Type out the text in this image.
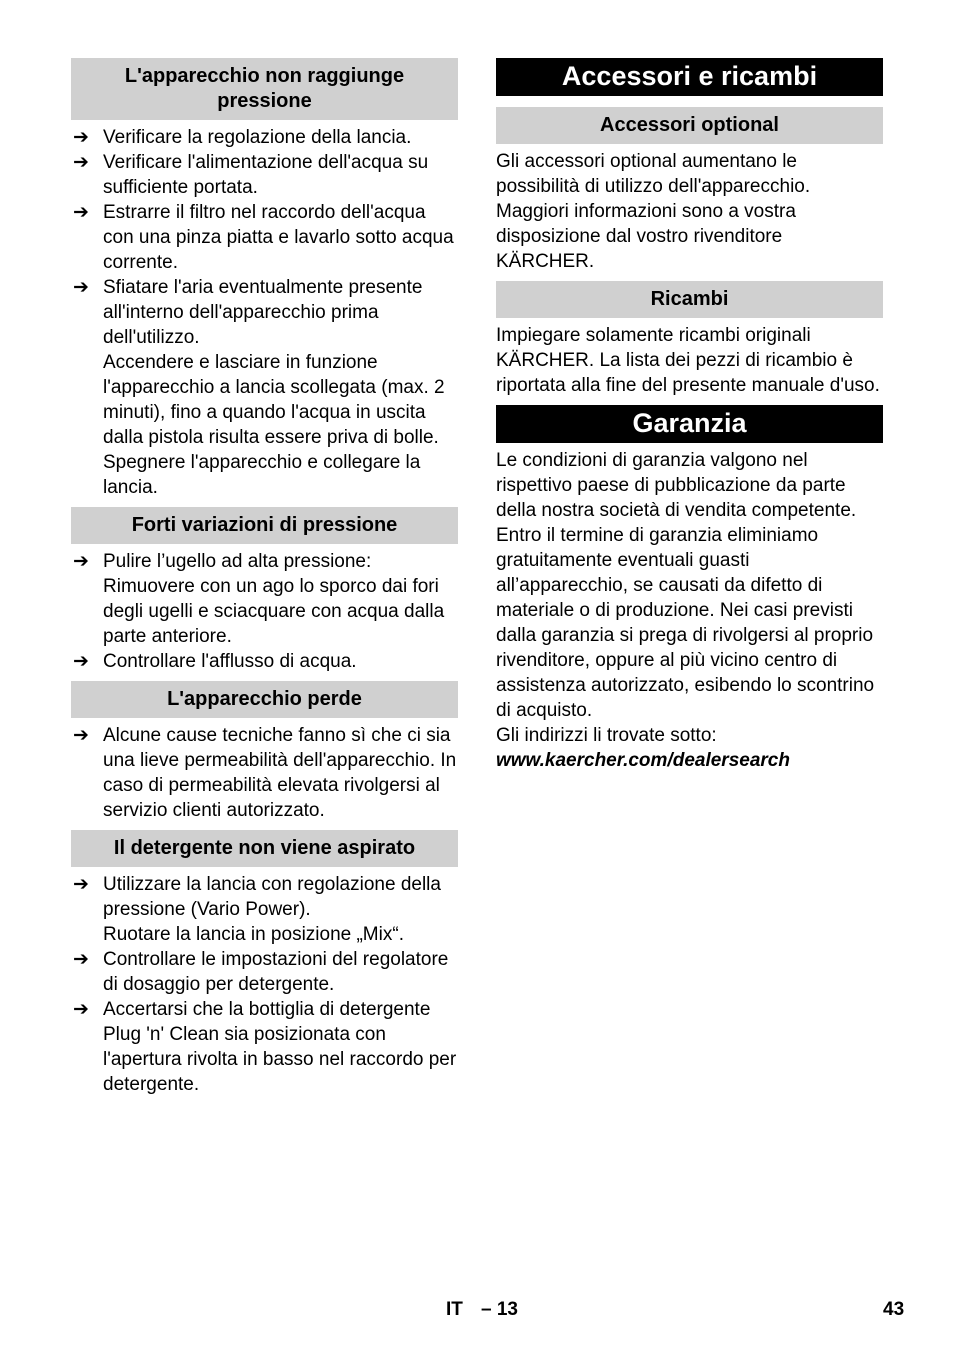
L'apparecchio non raggiunge pressione
➔ Verificare la regolazione della lancia.
➔ Verificare l'alimentazione dell'acqua su sufficiente portata.
➔ Estrarre il filtro nel raccordo dell'acqua con una pinza piatta e lavarlo sotto acqua corrente.
➔ Sfiatare l'aria eventualmente presente all'interno dell'apparecchio prima dell'utilizzo.
Accendere e lasciare in funzione l'apparecchio a lancia scollegata (max. 2 minuti), fino a quando l'acqua in uscita dalla pistola risulta essere priva di bolle. Spegnere l'apparecchio e collegare la lancia.
Forti variazioni di pressione
➔ Pulire l’ugello ad alta pressione: Rimuovere con un ago lo sporco dai fori degli ugelli e sciacquare con acqua dalla parte anteriore.
➔ Controllare l'afflusso di acqua.
L'apparecchio perde
➔ Alcune cause tecniche fanno sì che ci sia una lieve permeabilità dell'apparecchio. In caso di permeabilità elevata rivolgersi al servizio clienti autorizzato.
Il detergente non viene aspirato
➔ Utilizzare la lancia con regolazione della pressione (Vario Power).
Ruotare la lancia in posizione „Mix“.
➔ Controllare le impostazioni del regolatore di dosaggio per detergente.
➔ Accertarsi che la bottiglia di detergente Plug 'n' Clean sia posizionata con l'apertura rivolta in basso nel raccordo per detergente.
Accessori e ricambi
Accessori optional

Gli accessori optional aumentano le possibilità di utilizzo dell'apparecchio. Maggiori informazioni sono a vostra disposizione dal vostro rivenditore KÄRCHER.

Ricambi

Impiegare solamente ricambi originali KÄRCHER. La lista dei pezzi di ricambio è riportata alla fine del presente manuale d'uso.

Garanzia

Le condizioni di garanzia valgono nel rispettivo paese di pubblicazione da parte della nostra società di vendita competente. Entro il termine di garanzia eliminiamo gratuitamente eventuali guasti all’apparecchio, se causati da difetto di materiale o di produzione. Nei casi previsti dalla garanzia si prega di rivolgersi al proprio rivenditore, oppure al più vicino centro di assistenza autorizzato, esibendo lo scontrino di acquisto.

Gli indirizzi li trovate sotto:

www.kaercher.com/dealersearch

IT – 13	43
